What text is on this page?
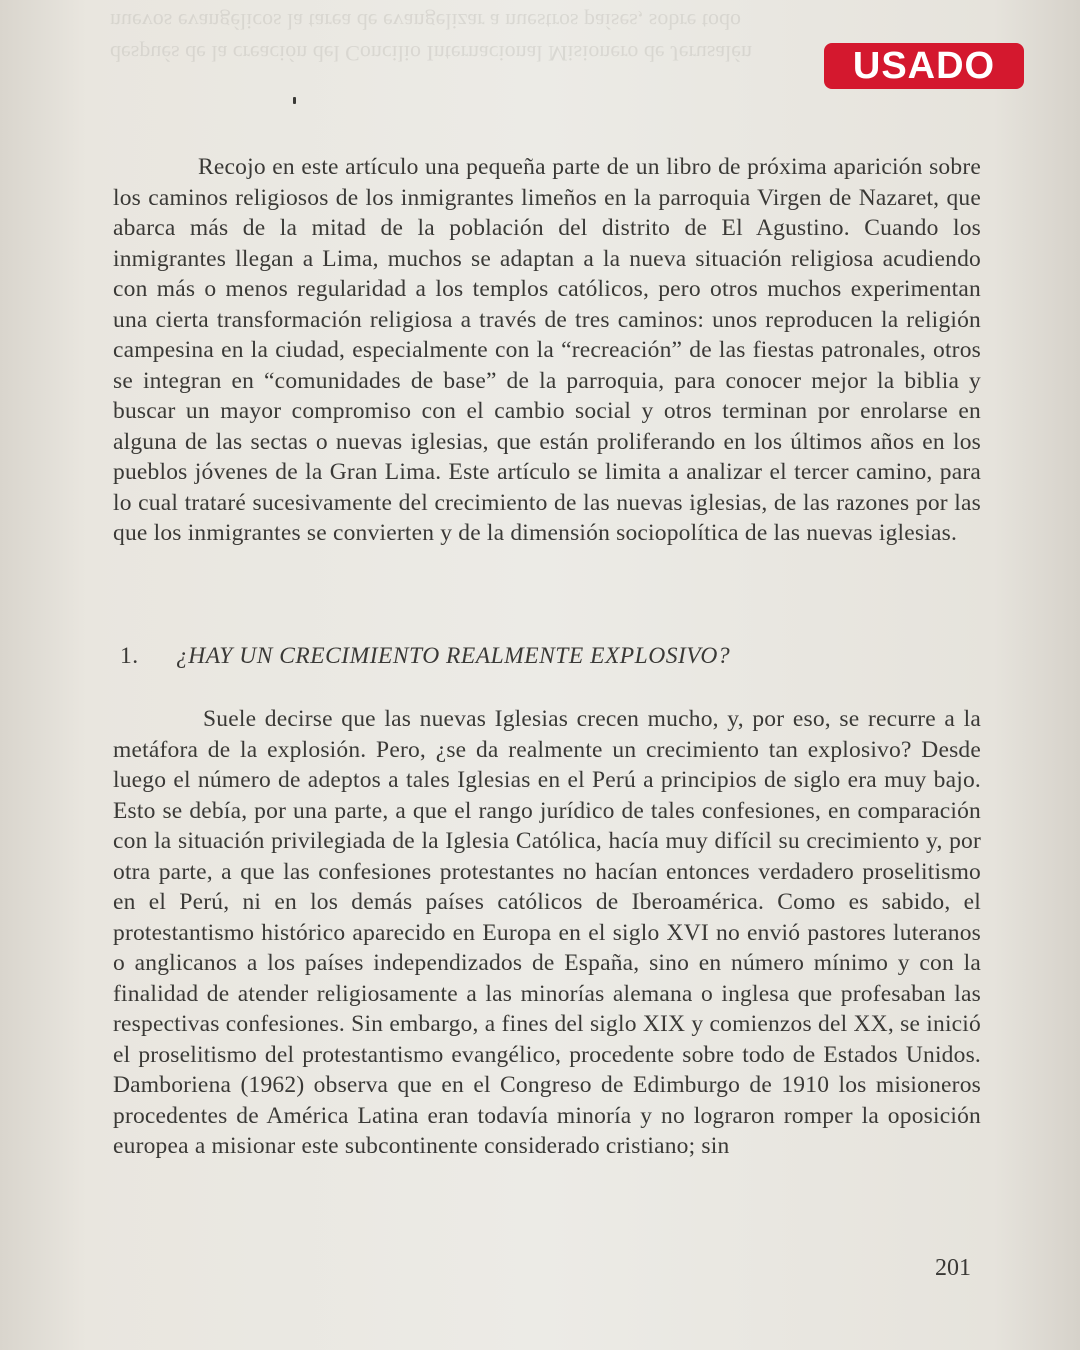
nuevos evangélicos la tarea de evangelizar a nuestros países, sobre todo
después de la creación del Concilio Internacional Misionero de Jerusalén	USADO

Recojo en este artículo una pequeña parte de un libro de próxima aparición sobre los caminos religiosos de los inmigrantes limeños en la parroquia Virgen de Nazaret, que abarca más de la mitad de la población del distrito de El Agustino. Cuando los inmigrantes llegan a Lima, muchos se adaptan a la nueva situación religiosa acudiendo con más o menos regularidad a los templos católicos, pero otros muchos experimentan una cierta transformación religiosa a través de tres caminos: unos reproducen la religión campesina en la ciudad, especialmente con la “recreación” de las fiestas patronales, otros se integran en “comunidades de base” de la parroquia, para conocer mejor la biblia y buscar un mayor compromiso con el cambio social y otros terminan por enrolarse en alguna de las sectas o nuevas iglesias, que están proliferando en los últimos años en los pueblos jóvenes de la Gran Lima. Este artículo se limita a analizar el tercer camino, para lo cual trataré sucesivamente del crecimiento de las nuevas iglesias, de las razones por las que los inmigrantes se convierten y de la dimensión sociopolítica de las nuevas iglesias.

1. ¿HAY UN CRECIMIENTO REALMENTE EXPLOSIVO?

Suele decirse que las nuevas Iglesias crecen mucho, y, por eso, se recurre a la metáfora de la explosión. Pero, ¿se da realmente un crecimiento tan explosivo? Desde luego el número de adeptos a tales Iglesias en el Perú a principios de siglo era muy bajo. Esto se debía, por una parte, a que el rango jurídico de tales confesiones, en comparación con la situación privilegiada de la Iglesia Católica, hacía muy difícil su crecimiento y, por otra parte, a que las confesiones protestantes no hacían entonces verdadero proselitismo en el Perú, ni en los demás países católicos de Iberoamérica. Como es sabido, el protestantismo histórico aparecido en Europa en el siglo XVI no envió pastores luteranos o anglicanos a los países independizados de España, sino en número mínimo y con la finalidad de atender religiosamente a las minorías alemana o inglesa que profesaban las respectivas confesiones. Sin embargo, a fines del siglo XIX y comienzos del XX, se inició el proselitismo del protestantismo evangélico, procedente sobre todo de Estados Unidos. Damboriena (1962) observa que en el Congreso de Edimburgo de 1910 los misioneros procedentes de América Latina eran todavía minoría y no lograron romper la oposición europea a misionar este subcontinente considerado cristiano; sin

201
